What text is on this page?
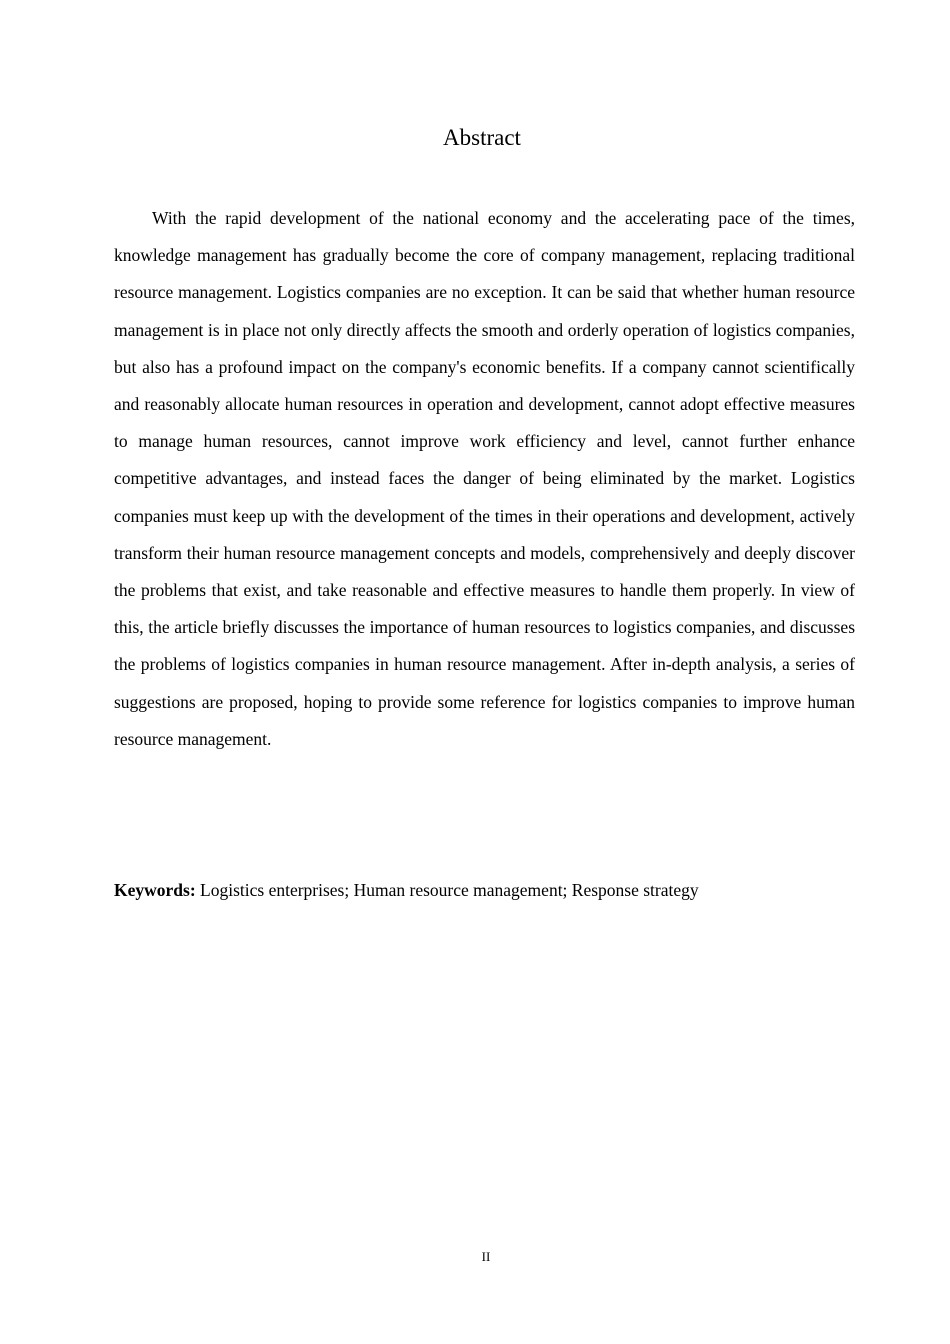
Abstract

With the rapid development of the national economy and the accelerating pace of the times, knowledge management has gradually become the core of company management, replacing traditional resource management. Logistics companies are no exception. It can be said that whether human resource management is in place not only directly affects the smooth and orderly operation of logistics companies, but also has a profound impact on the company's economic benefits. If a company cannot scientifically and reasonably allocate human resources in operation and development, cannot adopt effective measures to manage human resources, cannot improve work efficiency and level, cannot further enhance competitive advantages, and instead faces the danger of being eliminated by the market. Logistics companies must keep up with the development of the times in their operations and development, actively transform their human resource management concepts and models, comprehensively and deeply discover the problems that exist, and take reasonable and effective measures to handle them properly. In view of this, the article briefly discusses the importance of human resources to logistics companies, and discusses the problems of logistics companies in human resource management. After in-depth analysis, a series of suggestions are proposed, hoping to provide some reference for logistics companies to improve human resource management.

Keywords: Logistics enterprises; Human resource management; Response strategy

II
